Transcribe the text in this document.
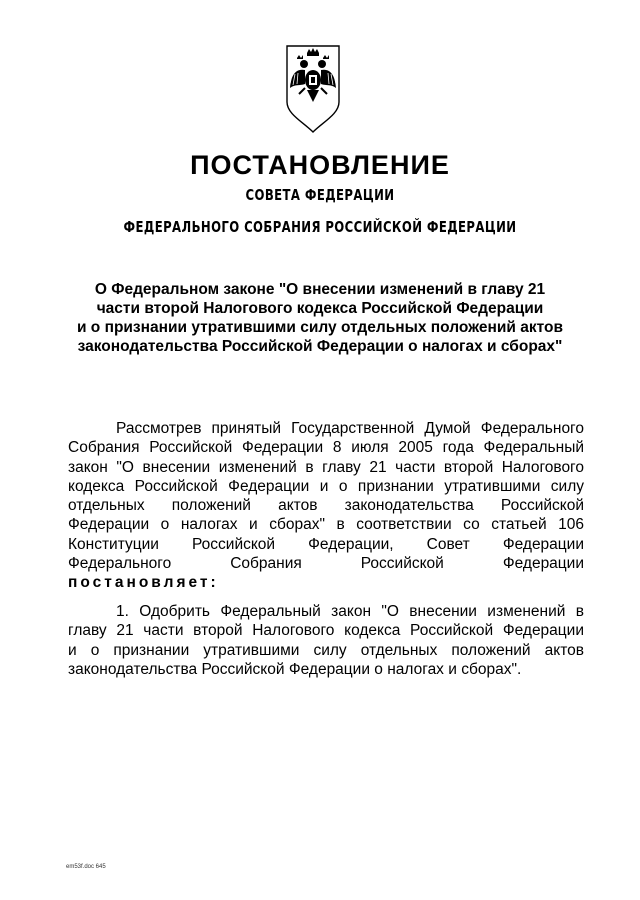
ПОСТАНОВЛЕНИЕ
СОВЕТА ФЕДЕРАЦИИ
ФЕДЕРАЛЬНОГО СОБРАНИЯ РОССИЙСКОЙ ФЕДЕРАЦИИ
О Федеральном законе "О внесении изменений в главу 21
части второй Налогового кодекса Российской Федерации
и о признании утратившими силу отдельных положений актов
законодательства Российской Федерации о налогах и сборах"
Рассмотрев принятый Государственной Думой Федерального
Собрания Российской Федерации 8 июля 2005 года Федеральный
закон "О внесении изменений в главу 21 части второй Налогового
кодекса Российской Федерации и о признании утратившими силу
отдельных положений актов законодательства Российской
Федерации о налогах и сборах" в соответствии со статьей 106
Конституции Российской Федерации, Совет Федерации
Федерального Собрания Российской Федерации
постановляет:
1. Одобрить Федеральный закон "О внесении изменений в
главу 21 части второй Налогового кодекса Российской Федерации
и о признании утратившими силу отдельных положений актов
законодательства Российской Федерации о налогах и сборах".
em53f.doc 645
